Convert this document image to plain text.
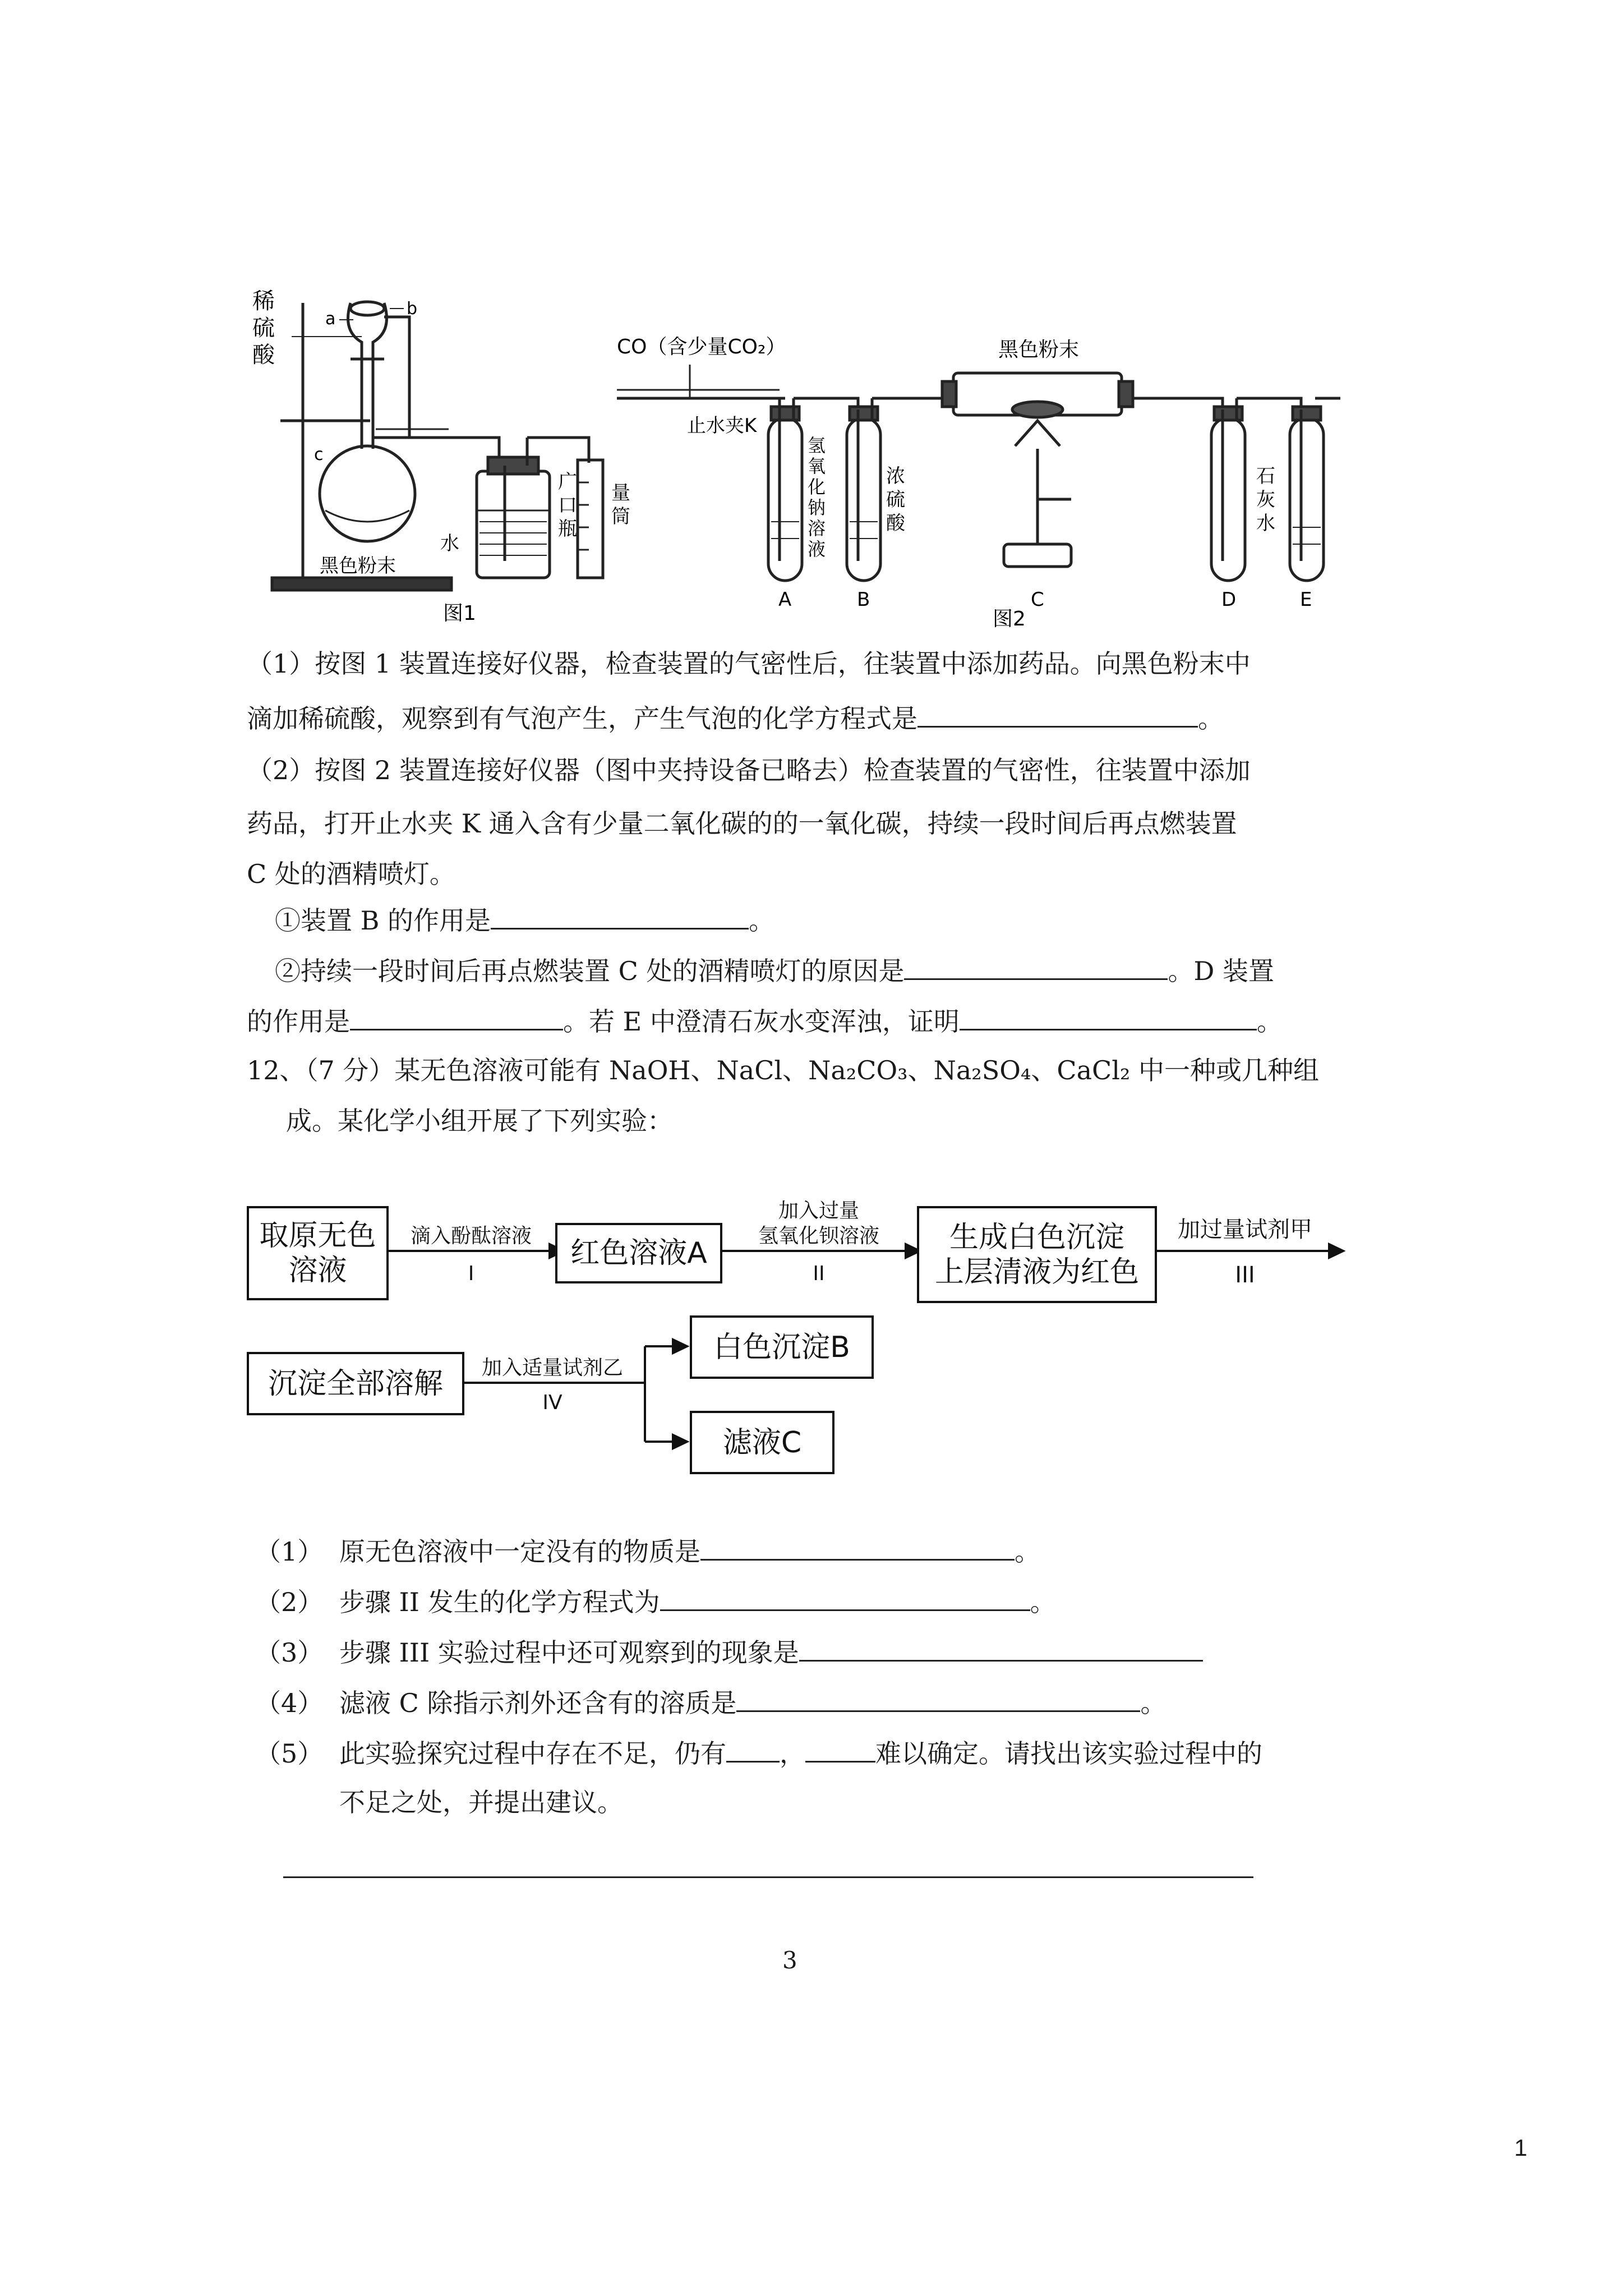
稀
硫
酸
a
b
c
黑色粉末
水
广
口
瓶
量
筒
图1
CO（含少量CO₂）
止水夹K
氢
氧
化
钠
溶
液
浓
硫
酸
黑色粉末
石
灰
水
A	B	C	D	E
图2
（1）按图 1 装置连接好仪器，检查装置的气密性后，往装置中添加药品。向黑色粉末中
滴加稀硫酸，观察到有气泡产生，产生气泡的化学方程式是	。
（2）按图 2 装置连接好仪器（图中夹持设备已略去）检查装置的气密性，往装置中添加
药品，打开止水夹 K 通入含有少量二氧化碳的的一氧化碳，持续一段时间后再点燃装置
C 处的酒精喷灯。
①装置 B 的作用是	。
②持续一段时间后再点燃装置 C 处的酒精喷灯的原因是	。D 装置
的作用是	。若 E 中澄清石灰水变浑浊，证明	。
12、（7 分）某无色溶液可能有 NaOH、NaCl、Na₂CO₃、Na₂SO₄、CaCl₂ 中一种或几种组
成。某化学小组开展了下列实验：
取原无色
溶液
滴入酚酞溶液
I
红色溶液A
加入过量
氢氧化钡溶液
II
生成白色沉淀
上层清液为红色
加过量试剂甲
III
沉淀全部溶解	加入适量试剂乙
IV
白色沉淀B
滤液C
（1） 原无色溶液中一定没有的物质是	。
（2） 步骤 II 发生的化学方程式为	。
（3） 步骤 III 实验过程中还可观察到的现象是
（4） 滤液 C 除指示剂外还含有的溶质是	。
（5） 此实验探究过程中存在不足，仍有 ，	难以确定。请找出该实验过程中的
不足之处，并提出建议。
3
1
